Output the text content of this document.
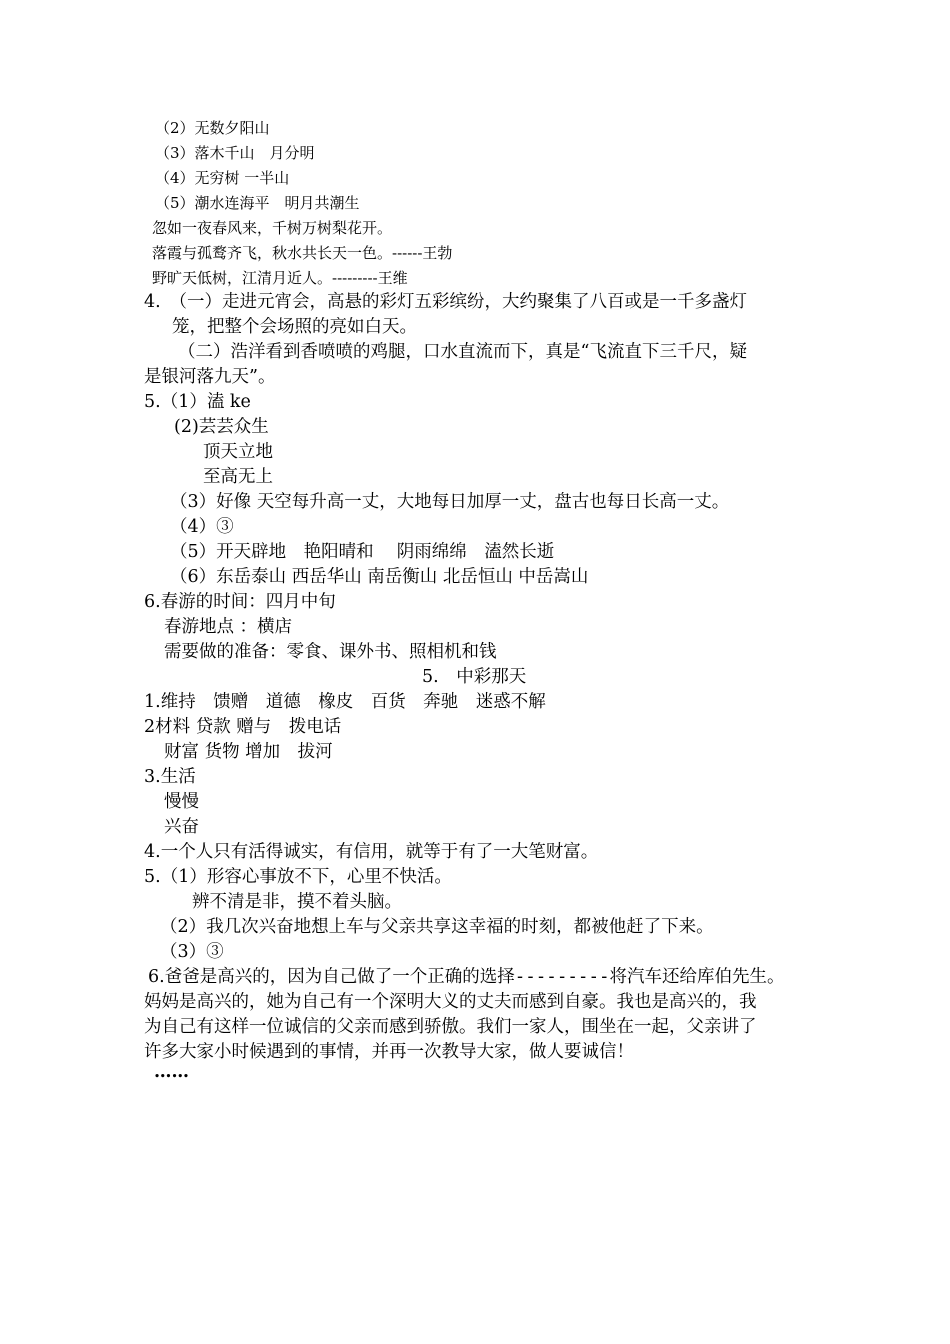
（2）无数夕阳山
（3）落木千山　月分明
（4）无穷树 一半山
（5）潮水连海平　明月共潮生
忽如一夜春风来，千树万树梨花开。
落霞与孤鹜齐飞，秋水共长天一色。------王勃
野旷天低树，江清月近人。---------王维
4.　（一）走进元宵会，高悬的彩灯五彩缤纷，大约聚集了八百或是一千多盏灯
笼，把整个会场照的亮如白天。
（二）浩洋看到香喷喷的鸡腿，口水直流而下，真是“飞流直下三千尺，疑
是银河落九天”。
5.（1）溘 ke
(2)芸芸众生
顶天立地
至高无上
（3）好像 天空每升高一丈，大地每日加厚一丈，盘古也每日长高一丈。
（4）③
（5）开天辟地　艳阳晴和　 阴雨绵绵　溘然长逝
（6）东岳泰山 西岳华山 南岳衡山 北岳恒山 中岳嵩山
6.春游的时间：四月中旬
春游地点 ：横店
需要做的准备：零食、课外书、照相机和钱
5.　中彩那天
1.维持　馈赠　道德　橡皮　百货　奔驰　迷惑不解
2材料 贷款 赠与　拨电话
财富 货物 增加　拔河
3.生活
慢慢
兴奋
4.一个人只有活得诚实，有信用，就等于有了一大笔财富。
5.（1）形容心事放不下，心里不快活。
辨不清是非，摸不着头脑。
（2）我几次兴奋地想上车与父亲共享这幸福的时刻，都被他赶了下来。
（3）③
6.爸爸是高兴的，因为自己做了一个正确的选择---------将汽车还给库伯先生。
妈妈是高兴的，她为自己有一个深明大义的丈夫而感到自豪。我也是高兴的，我
为自己有这样一位诚信的父亲而感到骄傲。我们一家人，围坐在一起，父亲讲了
许多大家小时候遇到的事情，并再一次教导大家，做人要诚信！
……
